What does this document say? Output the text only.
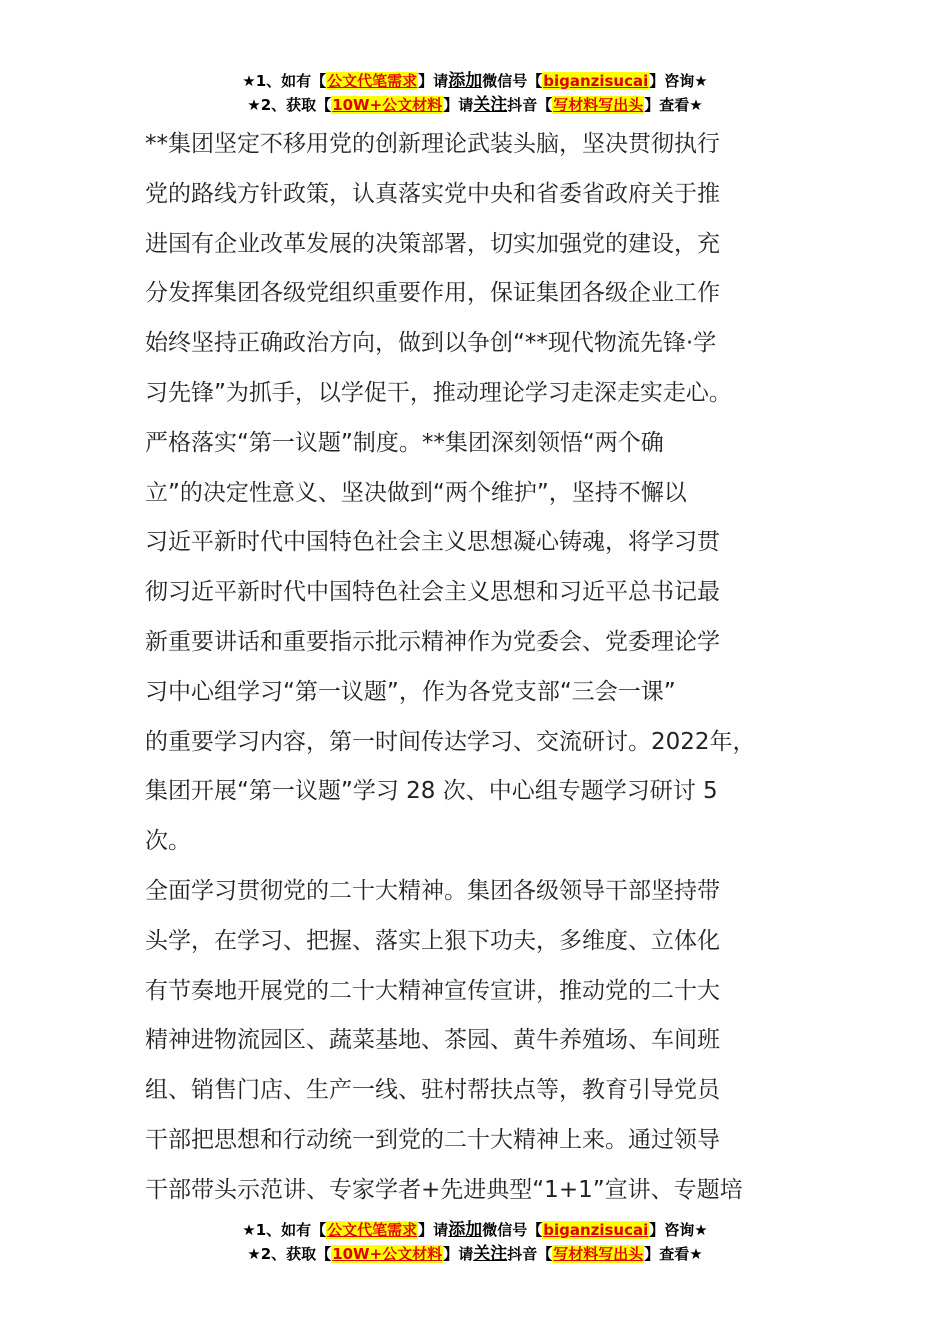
★1、如有【公文代笔需求】请添加微信号【biganzisucai】咨询★
★2、获取【10W+公文材料】请关注抖音【写材料写出头】查看★
**集团坚定不移用党的创新理论武装头脑，坚决贯彻执行
党的路线方针政策，认真落实党中央和省委省政府关于推
进国有企业改革发展的决策部署，切实加强党的建设，充
分发挥集团各级党组织重要作用，保证集团各级企业工作
始终坚持正确政治方向，做到以争创“**现代物流先锋·学
习先锋”为抓手，以学促干，推动理论学习走深走实走心。
严格落实“第一议题”制度。**集团深刻领悟“两个确
立”的决定性意义、坚决做到“两个维护”，坚持不懈以
习近平新时代中国特色社会主义思想凝心铸魂，将学习贯
彻习近平新时代中国特色社会主义思想和习近平总书记最
新重要讲话和重要指示批示精神作为党委会、党委理论学
习中心组学习“第一议题”，作为各党支部“三会一课”
的重要学习内容，第一时间传达学习、交流研讨。2022年，
集团开展“第一议题”学习 28 次、中心组专题学习研讨 5
次。
全面学习贯彻党的二十大精神。集团各级领导干部坚持带
头学，在学习、把握、落实上狠下功夫，多维度、立体化
有节奏地开展党的二十大精神宣传宣讲，推动党的二十大
精神进物流园区、蔬菜基地、茶园、黄牛养殖场、车间班
组、销售门店、生产一线、驻村帮扶点等，教育引导党员
干部把思想和行动统一到党的二十大精神上来。通过领导
干部带头示范讲、专家学者+先进典型“1+1”宣讲、专题培
★1、如有【公文代笔需求】请添加微信号【biganzisucai】咨询★
★2、获取【10W+公文材料】请关注抖音【写材料写出头】查看★
